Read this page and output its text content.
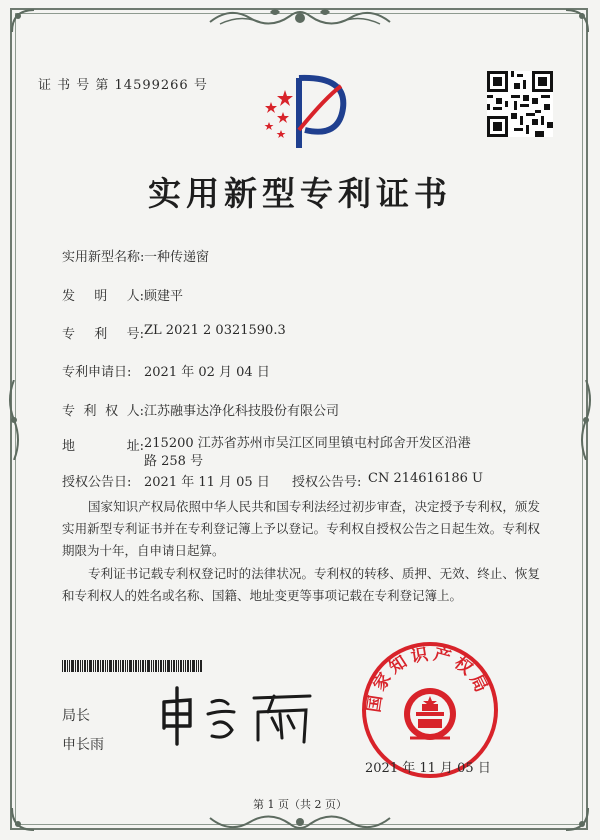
证 书 号 第 14599266 号
实用新型专利证书
实用新型名称: 一种传递窗
发 明 人: 顾建平
专 利 号: ZL 2021 2 0321590.3
专利申请日: 2021 年 02 月 04 日
专 利 权 人: 江苏融事达净化科技股份有限公司
地	址: 215200 江苏省苏州市吴江区同里镇屯村邱舍开发区沿港
路 258 号
授权公告日: 2021 年 11 月 05 日	授权公告号: CN 214616186 U
国家知识产权局依照中华人民共和国专利法经过初步审查，决定授予专利权，颁发实用新型专利证书并在专利登记簿上予以登记。专利权自授权公告之日起生效。专利权期限为十年，自申请日起算。
专利证书记载专利权登记时的法律状况。专利权的转移、质押、无效、终止、恢复和专利权人的姓名或名称、国籍、地址变更等事项记载在专利登记簿上。
局长
申长雨
国家知识产权局
2021 年 11 月 05 日
第 1 页（共 2 页）
